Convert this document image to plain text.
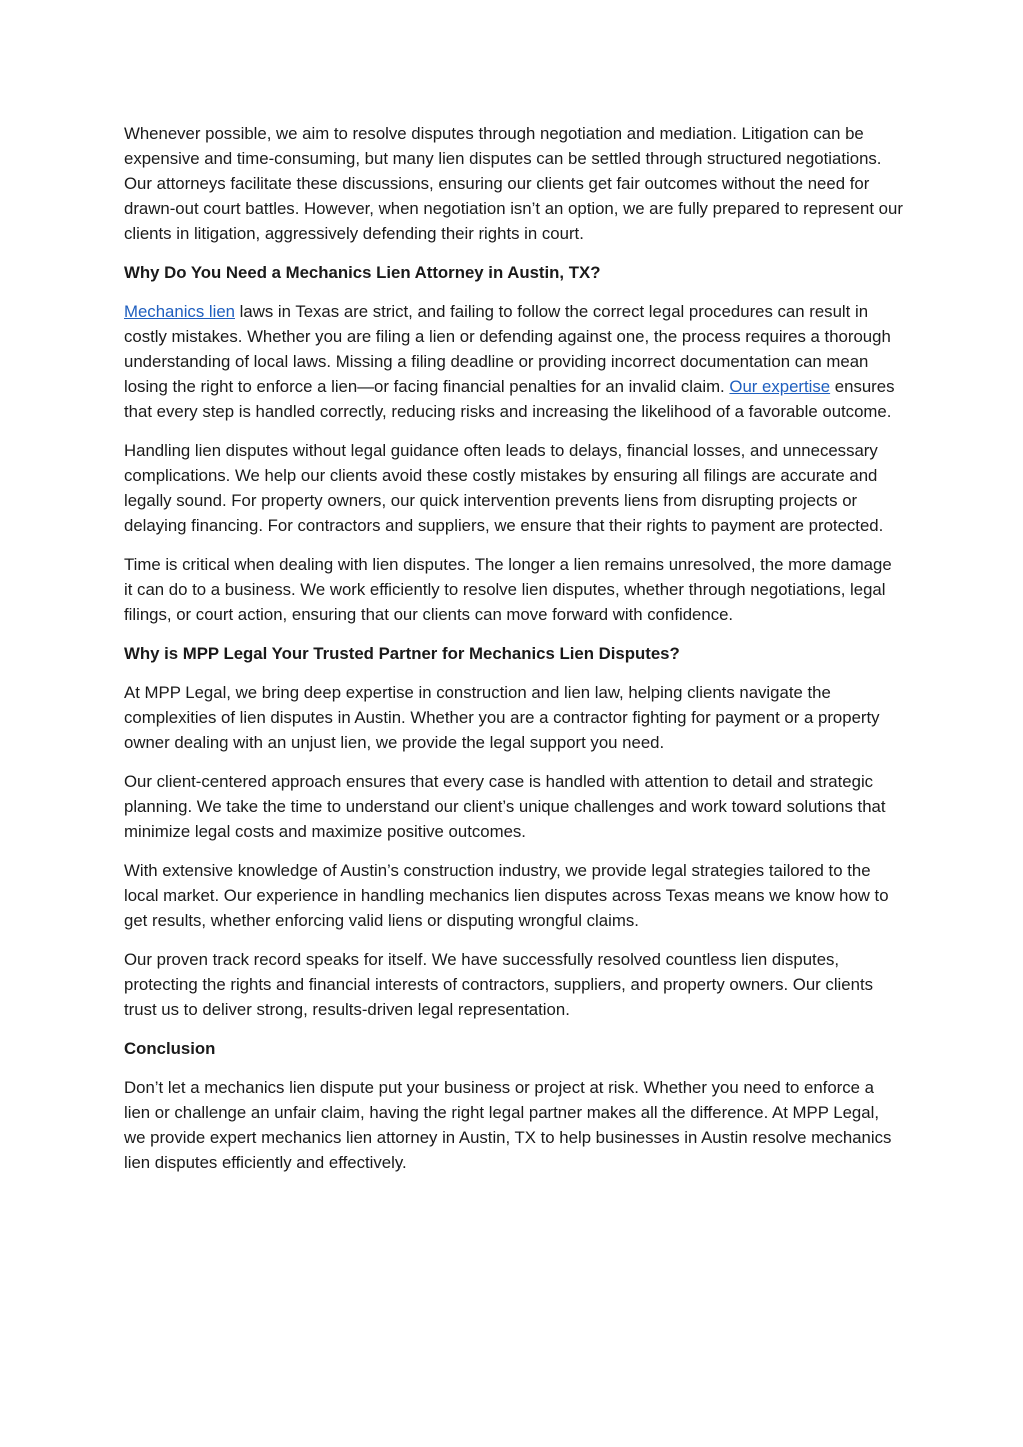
Whenever possible, we aim to resolve disputes through negotiation and mediation. Litigation can be expensive and time-consuming, but many lien disputes can be settled through structured negotiations. Our attorneys facilitate these discussions, ensuring our clients get fair outcomes without the need for drawn-out court battles. However, when negotiation isn’t an option, we are fully prepared to represent our clients in litigation, aggressively defending their rights in court.

Why Do You Need a Mechanics Lien Attorney in Austin, TX?

Mechanics lien laws in Texas are strict, and failing to follow the correct legal procedures can result in costly mistakes. Whether you are filing a lien or defending against one, the process requires a thorough understanding of local laws. Missing a filing deadline or providing incorrect documentation can mean losing the right to enforce a lien—or facing financial penalties for an invalid claim. Our expertise ensures that every step is handled correctly, reducing risks and increasing the likelihood of a favorable outcome.

Handling lien disputes without legal guidance often leads to delays, financial losses, and unnecessary complications. We help our clients avoid these costly mistakes by ensuring all filings are accurate and legally sound. For property owners, our quick intervention prevents liens from disrupting projects or delaying financing. For contractors and suppliers, we ensure that their rights to payment are protected.

Time is critical when dealing with lien disputes. The longer a lien remains unresolved, the more damage it can do to a business. We work efficiently to resolve lien disputes, whether through negotiations, legal filings, or court action, ensuring that our clients can move forward with confidence.

Why is MPP Legal Your Trusted Partner for Mechanics Lien Disputes?

At MPP Legal, we bring deep expertise in construction and lien law, helping clients navigate the complexities of lien disputes in Austin. Whether you are a contractor fighting for payment or a property owner dealing with an unjust lien, we provide the legal support you need.

Our client-centered approach ensures that every case is handled with attention to detail and strategic planning. We take the time to understand our client’s unique challenges and work toward solutions that minimize legal costs and maximize positive outcomes.

With extensive knowledge of Austin’s construction industry, we provide legal strategies tailored to the local market. Our experience in handling mechanics lien disputes across Texas means we know how to get results, whether enforcing valid liens or disputing wrongful claims.

Our proven track record speaks for itself. We have successfully resolved countless lien disputes, protecting the rights and financial interests of contractors, suppliers, and property owners. Our clients trust us to deliver strong, results-driven legal representation.

Conclusion

Don’t let a mechanics lien dispute put your business or project at risk. Whether you need to enforce a lien or challenge an unfair claim, having the right legal partner makes all the difference. At MPP Legal, we provide expert mechanics lien attorney in Austin, TX to help businesses in Austin resolve mechanics lien disputes efficiently and effectively.
